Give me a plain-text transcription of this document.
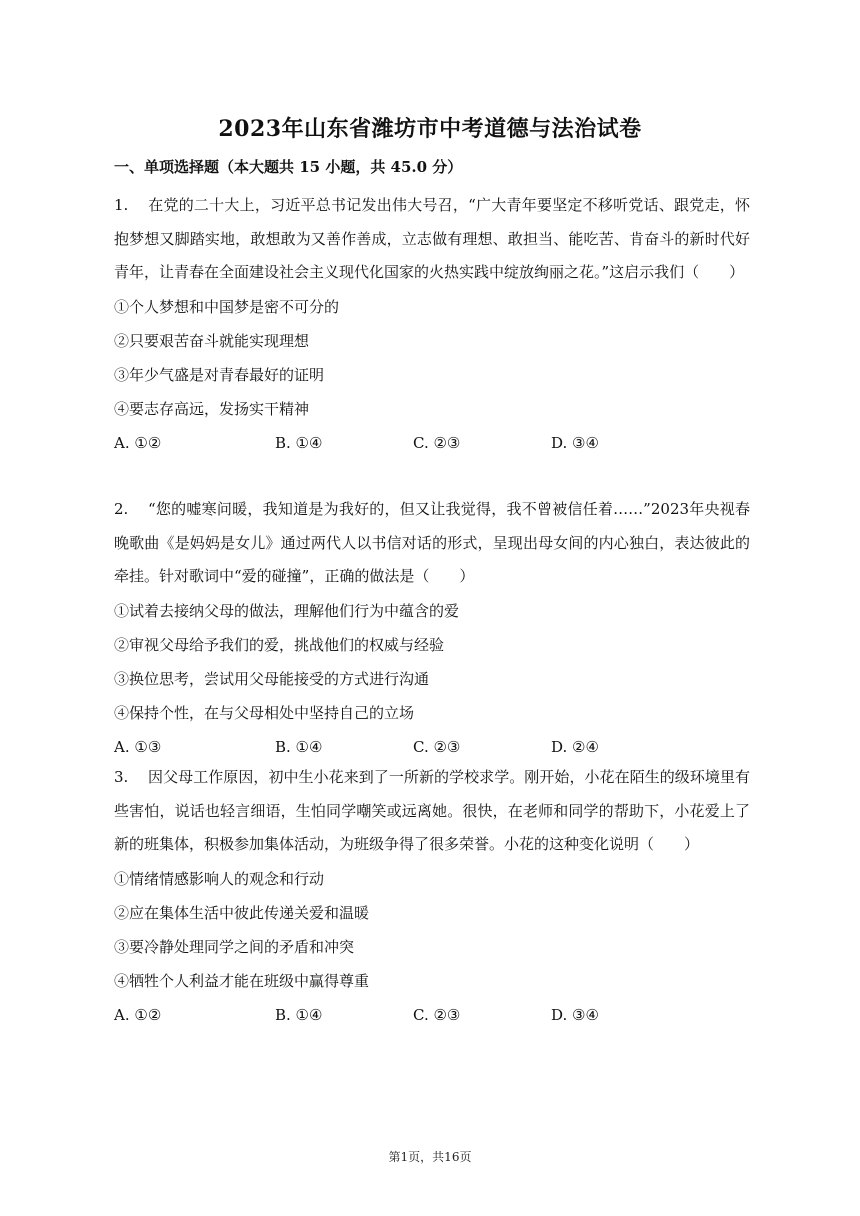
2023年山东省潍坊市中考道德与法治试卷
一、单项选择题（本大题共 15 小题，共 45.0 分）
1. 在党的二十大上，习近平总书记发出伟大号召，“广大青年要坚定不移听党话、跟党走，怀抱梦想又脚踏实地，敢想敢为又善作善成，立志做有理想、敢担当、能吃苦、肯奋斗的新时代好青年，让青春在全面建设社会主义现代化国家的火热实践中绽放绚丽之花。”这启示我们（　　）
①个人梦想和中国梦是密不可分的
②只要艰苦奋斗就能实现理想
③年少气盛是对青春最好的证明
④要志存高远，发扬实干精神
A. ①②	B. ①④	C. ②③	D. ③④
2. “您的嘘寒问暖，我知道是为我好的，但又让我觉得，我不曾被信任着……”2023年央视春晚歌曲《是妈妈是女儿》通过两代人以书信对话的形式，呈现出母女间的内心独白，表达彼此的牵挂。针对歌词中“爱的碰撞”，正确的做法是（　　）
①试着去接纳父母的做法，理解他们行为中蕴含的爱
②审视父母给予我们的爱，挑战他们的权威与经验
③换位思考，尝试用父母能接受的方式进行沟通
④保持个性，在与父母相处中坚持自己的立场
A. ①③	B. ①④	C. ②③	D. ②④
3. 因父母工作原因，初中生小花来到了一所新的学校求学。刚开始，小花在陌生的级环境里有些害怕，说话也轻言细语，生怕同学嘲笑或远离她。很快，在老师和同学的帮助下，小花爱上了新的班集体，积极参加集体活动，为班级争得了很多荣誉。小花的这种变化说明（　　）
①情绪情感影响人的观念和行动
②应在集体生活中彼此传递关爱和温暖
③要冷静处理同学之间的矛盾和冲突
④牺牲个人利益才能在班级中赢得尊重
A. ①②	B. ①④	C. ②③	D. ③④
第1页，共16页
